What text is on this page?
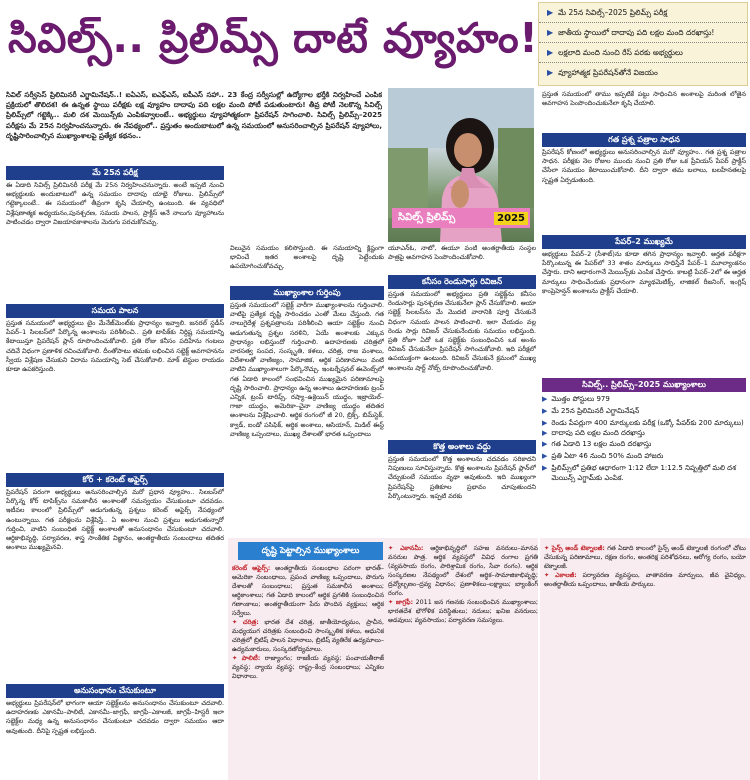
సివిల్స్‌.. ప్రిలిమ్స్‌ దాటే వ్యూహం!
▶ మే 25న సివిల్స్‌–2025 ప్రిలిమ్స్‌ పరీక్ష
▶ జాతీయ స్థాయిలో దాదాపు పది లక్షల మంది దరఖాస్తు!
▶ లక్షలాది మంది నుంచి రేస్‌ పరకు అభ్యర్థులు
▶ వ్యూహాత్మక ప్రిపరేషన్‌తోనే విజయం
సివిల్‌ సర్వీసెస్‌ ప్రిలిమినరీ ఎగ్జామినేషన్‌..! ఐఏఎస్‌, ఐఎఫ్‌ఎస్‌, ఐపీఎస్‌ సహా.. 23 కేంద్ర సర్వీసుల్లో ఉద్యోగాల భర్తీకి నిర్వహించే ఎంపిక ప్రక్రియలో తొలిదశ! ఈ ఉన్నత స్థాయి పరీక్షకు లక్ష వ్యూహం దాదాపు పది లక్షల మంది పోటీ పడుతుంటారు! తీవ్ర పోటీ నెలకొన్న సివిల్స్‌ ప్రిలిమ్స్‌లో గట్టెక్కి.. మలి దశ మెయిన్స్‌కు ఎంపికవ్వాలంటే.. అభ్యర్థులు వ్యూహాత్మకంగా ప్రిపరేషన్‌ సాగించాలి. సివిల్స్‌ ప్రిలిమ్స్‌–2025 పరీక్షను మే 25న నిర్వహించనున్నారు. ఈ నేపథ్యంలో.. ప్రస్తుతం అందుబాటులో ఉన్న సమయంలో అనుసరించాల్సిన ప్రిపరేషన్‌ వ్యూహాలు, దృష్టిసారించాల్సిన ముఖ్యాంశాలపై ప్రత్యేక కథనం..
సివిల్స్‌ ప్రిలిమ్స్‌	2025
మే 25న పరీక్ష
ఈ ఏడాది సివిల్స్‌ ప్రిలిమినరీ పరీక్ష మే 25న నిర్వహించనున్నారు. అంటే ఇప్పటి నుంచి అభ్యర్థులకు అందుబాటులో ఉన్న సమయం దాదాపు యాభై రోజులు. ప్రిలిమ్స్‌లో గట్టెక్కాలంటే.. ఈ సమయంలో తీవ్రంగా కృషి చేయాల్సి ఉంటుంది. ఈ వ్యవధిలో విశ్లేషణాత్మక అధ్యయనం,పునశ్చరణ, సమయ పాలన, ప్రాక్టీస్‌ అనే నాలుగు వ్యూహాలను పాటించడం ద్వారా విజయావకాశాలను మెరుగు పరచుకోవచ్చు.
సమయ పాలన
ప్రస్తుత సమయంలో అభ్యర్థులు టైం మేనేజ్‌మెంట్‌కు ప్రాధాన్యం ఇవ్వాలి. జనరల్‌ స్టడీస్‌ పేపర్‌–1 సిలబస్‌లో పేర్కొన్న అంశాలను పరిశీలించి.. ప్రతి టాపిక్‌కు నిర్దిష్ట సమయాన్ని కేటాయిస్తూ ప్రిపరేషన్‌ ప్లాన్‌ రూపొందించుకోవాలి. ప్రతి రోజు కనీసం పదిహేను గంటలు చదివే విధంగా ప్రణాళిక రచించుకోవాలి. దీంతోపాటు తమకు లభించిన సబ్జెక్ట్‌ అవగాహనను స్వీయ విశ్లేషణ చేసుకుని విరామ సమయాన్ని సెట్‌ చేసుకోవాలి. మాక్‌ టెస్టుల రాయడం కూడా ఉపకరిస్తుంది.
కోర్‌ + కరెంట్‌ అఫైర్స్‌
ప్రిపరేషన్‌ పరంగా అభ్యర్థులు అనుసరించాల్సిన మరో ప్రధాన వ్యూహం.. సిలబస్‌లో పేర్కొన్న కోర్‌ టాపిక్స్‌ను సమకాలీన అంశాలతో సమన్వయం చేసుకుంటూ చదవడం. ఇటీవల కాలంలో ప్రిలిమ్స్‌లో అడుగుతున్న ప్రశ్నలు కరెంట్‌ అఫైర్స్‌ నేపథ్యంలో ఉంటున్నాయి. గత పరీక్షలను విశ్లేషిస్తే.. ఏ అంశాల నుంచి ప్రశ్నలు అడుగుతున్నారో గుర్తించి, వాటిని సంబంధిత సబ్జెక్ట్‌ అంశాలతో అనుసంధానం చేసుకుంటూ చదవాలి. ఆర్థికాభివృద్ధి, పర్యావరణ, శాస్త్ర సాంకేతిక విజ్ఞానం, అంతర్జాతీయ సంబంధాలు తదితర అంశాలు ముఖ్యమైనవి.
అనుసంధానం చేసుకుంటూ
అభ్యర్థులు ప్రిపరేషన్‌లో భాగంగా ఆయా సబ్జెక్ట్‌లను అనుసంధానం చేసుకుంటూ చదవాలి. ఉదాహరణకు ఎకానమీ–పాలిటీ, ఎకానమీ–జాగ్రఫీ, జాగ్రఫీ–ఎకాలజీ, జాగ్రఫీ–హిస్టరీ ఇలా సబ్జెక్ట్‌ల మధ్య ఉన్న అనుసంధానం చేసుకుంటూ చదవడం ద్వారా సమయం ఆదా అవుతుంది. దీనిపై స్పష్టత లభిస్తుంది.
విలువైన సమయం కలిసొస్తుంది. ఈ సమయాన్ని క్లిష్టంగా భావించే ఇతర అంశాలపై దృష్టి పెట్టేందుకు ఉపయోగించుకోవచ్చు.
ముఖ్యాంశాల గుర్తింపు
ప్రస్తుత సమయంలో సబ్జెక్ట్‌ వారీగా ముఖ్యాంశాలను గుర్తించాలి. వాటిపై ప్రత్యేక దృష్టి సారించడం ఎంతో మేలు చేస్తుంది. గత నాలుగైదేళ్ల ప్రశ్నపత్రాలను పరిశీలించి ఆయా సబ్జెక్ట్‌ల నుంచి అడుగుతున్న ప్రశ్నల సరళిని, ఏయే అంశాలకు ఎక్కువ ప్రాధాన్యం లభిస్తుందో గుర్తించాలి. ఉదాహరణకు చరిత్రలో వారసత్వ సంపద, సంస్కృతి, కళలు, చరిత్ర, రాజ వంశాలు, విదేశాలతో వాణిజ్యం, సామాజిక, ఆర్థిక పరిణామాలు వంటి వాటిని ముఖ్యాంశాలుగా పేర్కొనొచ్చు. ఇంటర్నేషనల్‌ ఈవెంట్స్‌లో గత ఏడాది కాలంలో సంభవించిన ముఖ్యమైన పరిణామాలపై దృష్టి సారించాలి. ప్రాధాన్యం ఉన్న అంశాలు ఉదాహరణకు ట్రంప్‌ ఎన్నిక, ట్రంప్‌ టారిఫ్స్‌, రష్యా–ఉక్రెయిన్‌ యుద్ధం, ఇజ్రాయెల్‌–గాజా యుద్ధం, అమెరికా–చైనా వాణిజ్య యుద్ధం తదితర అంశాలను విశ్లేషించాలి. ఆర్థిక రంగంలో జీ 20, బ్రిక్స్‌, బిమ్‌స్టెక్‌, క్వాడ్‌, ఐండో పసిఫిక్‌, ఆర్థిక అంశాలు, ఆసియాన్‌, మిడిల్‌ ఈస్ట్‌ వాణిజ్య ఒప్పందాలు, ముఖ్య దేశాలతో భారత ఒప్పందాలు
యూఎన్‌ఓ, నాటో, ఈయూ వంటి అంతర్జాతీయ సంస్థల పాత్రపై అవగాహన పెంపొందించుకోవాలి.
కనీసం రెండుసార్లు రివిజన్‌
ప్రస్తుత సమయంలో అభ్యర్థులు ప్రతి సబ్జెక్ట్‌ను కనీసం రెండుసార్లు పునశ్చరణ చేసుకునేలా ప్లాన్‌ చేసుకోవాలి. ఆయా సబ్జెక్ట్‌ సిలబస్‌ను మే మొదటి వారానికి పూర్తి చేసుకునే విధంగా సమయ పాలన పాటించాలి. ఇలా చేయడం వల్ల రెండు సార్లు రివిజన్‌ చేసుకునేందుకు సమయం లభిస్తుంది. ప్రతి రోజూ ఏదో ఒక సబ్జెక్ట్‌కు సంబంధించిన ఒక అంశం రివిజన్‌ చేసుకునేలా ప్రిపరేషన్‌ సాగించుకోవాలి. ఇది పరీక్షలో ఉపయుక్తంగా ఉంటుంది. రివిజన్‌ చేసుకునే క్రమంలో ముఖ్య అంశాలను షార్ట్‌ నోట్స్‌ రూపొందించుకోవాలి.
కొత్త అంశాలు వద్దు
ప్రస్తుత సమయంలో కొత్త అంశాలను చదవడం సరికాదని నిపుణులు సూచిస్తున్నారు. కొత్త అంశాలను ప్రిపరేషన్‌ ప్లాన్‌లో చేర్చుకుంటే సమయం వృథా అవుతుంది. ఇది ముఖ్యంగా ప్రిపరేషన్‌పై ప్రతికూల ప్రభావం చూపుతుందని పేర్కొంటున్నారు. ఇప్పటి వరకు
ప్రస్తుత సమయంలో తాము ఇప్పటికే పట్టు సాధించిన అంశాలపై మరింత లోతైన అవగాహన పెంపొందించుకునేలా కృషి చేయాలి.
గత ప్రశ్న పత్రాల సాధన
ప్రిపరేషన్‌ కోణంలో అభ్యర్థులు అనుసరించాల్సిన మరో వ్యూహం.. గత ప్రశ్న పత్రాల సాధన. పరీక్షకు నెల రోజుల ముందు నుంచి ప్రతి రోజు ఒక ప్రీవియస్‌ పేపర్‌ ప్రాక్టీస్‌ చేసేలా సమయం కేటాయించుకోవాలి. దీని ద్వారా తమ బలాలు, బలహీనతలపై స్పష్టత ఏర్పడుతుంది.
పేపర్‌–2 ముఖ్యమే
అభ్యర్థులు పేపర్‌–2 (సీశాట్‌)ను కూడా తగిన ప్రాధాన్యం ఇవ్వాలి. అర్హత పరీక్షగా పేర్కొంటున్న ఈ పేపర్‌లో 33 శాతం మార్కులు సాధిస్తేనే పేపర్‌–1 మూల్యాంకనం చేస్తారు. దాని ఆధారంగానే మెయిన్స్‌కు ఎంపిక చేస్తారు. కాబట్టి పేపర్‌–2లో ఈ అర్హత మార్కులు సాధించేందుకు ప్రధానంగా మ్యాథమెటిక్స్‌, లాజికల్‌ రీజనింగ్‌, ఇంగ్లిష్‌ కాంప్రెహెన్షన్‌ అంశాలను ప్రాక్టీస్‌ చేయాలి.
సివిల్స్‌.. ప్రిలిమ్స్‌–2025 ముఖ్యాంశాలు
▶ మొత్తం పోస్టులు 979
▶ మే 25న ప్రిలిమినరీ ఎగ్జామినేషన్‌
▶ రెండు పేపర్లుగా 400 మార్కులకు పరీక్ష (ఒక్కో పేపర్‌కు 200 మార్కులు)
▶ దాదాపు పది లక్షల మంది దరఖాస్తు
▶ గత ఏడాది 13 లక్షల మంది దరఖాస్తు
▶ ప్రతి ఏటా 46 నుంచి 50% మంది హాజరు
▶ ప్రిలిమ్స్‌లో ప్రతిభ ఆధారంగా 1:12 లేదా 1:12.5 నిష్పత్తిలో మలి దశ మెయిన్స్‌ ఎగ్జామ్‌కు ఎంపిక.
దృష్టి పెట్టాల్సిన ముఖ్యాంశాలు
కరెంట్‌ అఫైర్స్‌: అంతర్జాతీయ సంబంధాల పరంగా భారత్‌–అమెరికా సంబంధాలు, ప్రపంచ వాణిజ్య ఒప్పందాలు, పొరుగు దేశాలతో సంబంధాలు; ప్రస్తుత సమకాలీన అంశాలు; ఆర్థికాంశాలు; గత ఏడాది కాలంలో ఆర్థిక ప్రగతికి సంబంధించిన గణాంకాలు; అంతర్జాతీయంగా పేరు పొందిన వ్యక్తులు; ఆర్థిక సర్వేలు.
✦ చరిత్ర: భారత దేశ చరిత్ర, జాతీయోద్యమం, ప్రాచీన, మధ్యయుగ చరిత్రకు సంబంధించి సాంస్కృతిక కళలు, ఆధునిక చరిత్రలో బ్రిటిష్‌ పాలన విధానాలు, బ్రిటిష్‌ వ్యతిరేక ఉద్యమాలు–ఉద్యమకారులు, సంస్కరణోద్యమాలు.
✦ పాలిటీ: రాజ్యాంగం; రాజకీయ వ్యవస్థ; పంచాయతీరాజ్‌ వ్యవస్థ; న్యాయ వ్యవస్థ; రాష్ట్ర–కేంద్ర సంబంధాలు; ఎన్నికల విధానాలు.
✦ ఎకానమీ: ఆర్థికాభివృద్ధిలో సహజ వనరులు–మానవ వనరుల పాత్ర. ఆర్థిక వ్యవస్థలో వివిధ రంగాల ప్రగతి (వ్యవసాయ రంగం, పారిశ్రామిక రంగం, సేవా రంగం). ఆర్థిక సంస్కరణల నేపథ్యంలో దేశంలో ఆర్థిక–సామాజికాభివృద్ధి; ద్రవ్యోల్బణం–ద్రవ్య విధానం; ప్రణాళికలు–లక్ష్యాలు; బ్యాంకింగ్‌ రంగం.
✦ జాగ్రఫీ: 2011 జన గణనకు సంబంధించిన ముఖ్యాంశాలు; భారతదేశ భౌగోళిక పరిస్థితులు; నదులు; ఖనిజ వనరులు; అడవులు; వ్యవసాయం; పర్యావరణ సమస్యలు.
✦ సైన్స్‌ అండ్‌ టెక్నాలజీ: గత ఏడాది కాలంలో సైన్స్‌ అండ్‌ టెక్నాలజీ రంగంలో చోటు చేసుకున్న పరిణామాలు, రక్షణ రంగం, అంతరిక్ష పరిశోధనలు, ఆరోగ్య రంగం, బయో టెక్నాలజీ.
✦ ఎకాలజీ: పర్యావరణ వ్యవస్థలు, వాతావరణ మార్పులు, జీవ వైవిధ్యం, అంతర్జాతీయ ఒప్పందాలు, జాతీయ పార్కులు.
